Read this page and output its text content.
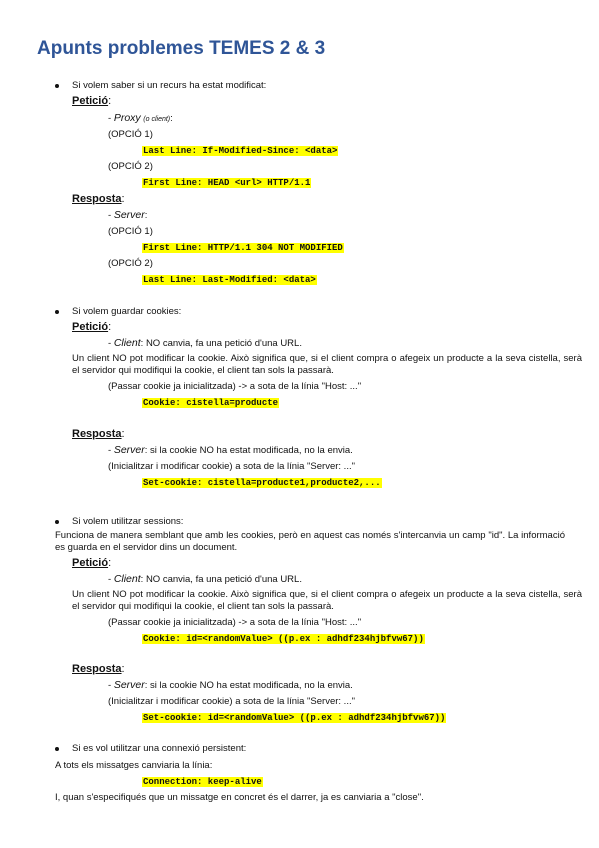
Apunts problemes TEMES 2 & 3
Si volem saber si un recurs ha estat modificat:
Petició:
- Proxy (o client):
(OPCIÓ 1)
Last Line: If-Modified-Since: <data>
(OPCIÓ 2)
First Line: HEAD <url> HTTP/1.1
Resposta:
- Server:
(OPCIÓ 1)
First Line: HTTP/1.1 304 NOT MODIFIED
(OPCIÓ 2)
Last Line: Last-Modified: <data>
Si volem guardar cookies:
Petició:
- Client: NO canvia, fa una petició d'una URL.
Un client NO pot modificar la cookie. Això significa que, si el client compra o afegeix un producte a la seva cistella, serà el servidor qui modifiqui la cookie, el client tan sols la passarà.
(Passar cookie ja inicialitzada) -> a sota de la línia "Host: ..."
Cookie: cistella=producte
Resposta:
- Server: si la cookie NO ha estat modificada, no la envia.
(Inicialitzar i modificar cookie) a sota de la línia "Server: ..."
Set-cookie: cistella=producte1,producte2,...
Si volem utilitzar sessions:
Funciona de manera semblant que amb les cookies, però en aquest cas només s'intercanvia un camp "id". La informació es guarda en el servidor dins un document.
Petició:
- Client: NO canvia, fa una petició d'una URL.
Un client NO pot modificar la cookie. Això significa que, si el client compra o afegeix un producte a la seva cistella, serà el servidor qui modifiqui la cookie, el client tan sols la passarà.
(Passar cookie ja inicialitzada) -> a sota de la línia "Host: ..."
Cookie: id=<randomValue> ((p.ex : adhdf234hjbfvw67))
Resposta:
- Server: si la cookie NO ha estat modificada, no la envia.
(Inicialitzar i modificar cookie) a sota de la línia "Server: ..."
Set-cookie: id=<randomValue> ((p.ex : adhdf234hjbfvw67))
Si es vol utilitzar una connexió persistent:
A tots els missatges canviaria la línia:
Connection: keep-alive
I, quan s'especifiqués que un missatge en concret és el darrer, ja es canviaria a "close".
